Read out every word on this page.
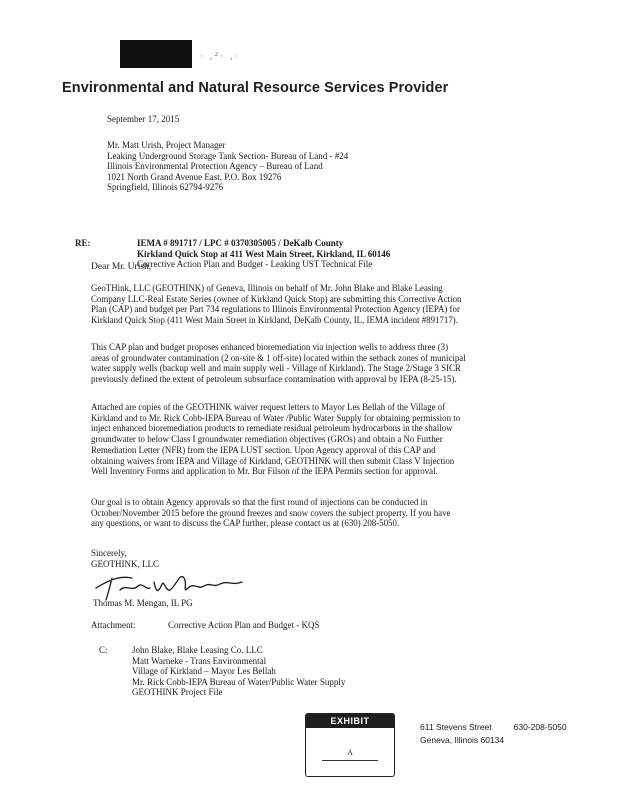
· ,²· ,·
Environmental and Natural Resource Services Provider
September 17, 2015
Mr. Matt Urish, Project Manager
Leaking Underground Storage Tank Section- Bureau of Land - #24
Illinois Environmental Protection Agency – Bureau of Land
1021 North Grand Avenue East, P.O. Box 19276
Springfield, Illinois 62794-9276
RE:	IEMA # 891717 / LPC # 0370305005 / DeKalb County
Kirkland Quick Stop at 411 West Main Street, Kirkland, IL 60146
Corrective Action Plan and Budget - Leaking UST Technical File
Dear Mr. Urish,
GeoTHink, LLC (GEOTHINK) of Geneva, Illinois on behalf of Mr. John Blake and Blake Leasing
Company LLC-Real Estate Series (owner of Kirkland Quick Stop) are submitting this Corrective Action
Plan (CAP) and budget per Part 734 regulations to Illinois Environmental Protection Agency (IEPA) for
Kirkland Quick Stop (411 West Main Street in Kirkland, DeKalb County, IL, IEMA incident #891717).
This CAP plan and budget proposes enhanced bioremediation via injection wells to address three (3)
areas of groundwater contamination (2 on-site & 1 off-site) located within the setback zones of municipal
water supply wells (backup well and main supply well - Village of Kirkland). The Stage 2/Stage 3 SICR
previously defined the extent of petroleum subsurface contamination with approval by IEPA (8-25-15).
Attached are copies of the GEOTHINK waiver request letters to Mayor Les Bellah of the Village of
Kirkland and to Mr. Rick Cobb-IEPA Bureau of Water /Public Water Supply for obtaining permission to
inject enhanced bioremediation products to remediate residual petroleum hydrocarbons in the shallow
groundwater to below Class I groundwater remediation objectives (GROs) and obtain a No Further
Remediation Letter (NFR) from the IEPA LUST section. Upon Agency approval of this CAP and
obtaining waivers from IEPA and Village of Kirkland, GEOTHINK will then submit Class V Injection
Well Inventory Forms and application to Mr. Bur Filson of the IEPA Permits section for approval.
Our goal is to obtain Agency approvals so that the first round of injections can be conducted in
October/November 2015 before the ground freezes and snow covers the subject property. If you have
any questions, or want to discuss the CAP further, please contact us at (630) 208-5050.
Sincerely,
GEOTHINK, LLC
Thomas M. Mengan, IL PG
Attachment:	Corrective Action Plan and Budget - KQS
C:	John Blake, Blake Leasing Co. LLC
Matt Warneke - Trans Environmental
Village of Kirkland – Mayor Les Bellah
Mr. Rick Cobb-IEPA Bureau of Water/Public Water Supply
GEOTHINK Project File
EXHIBIT
A
611 Stevens Street	630-208-5050
Geneva, Illinois 60134
